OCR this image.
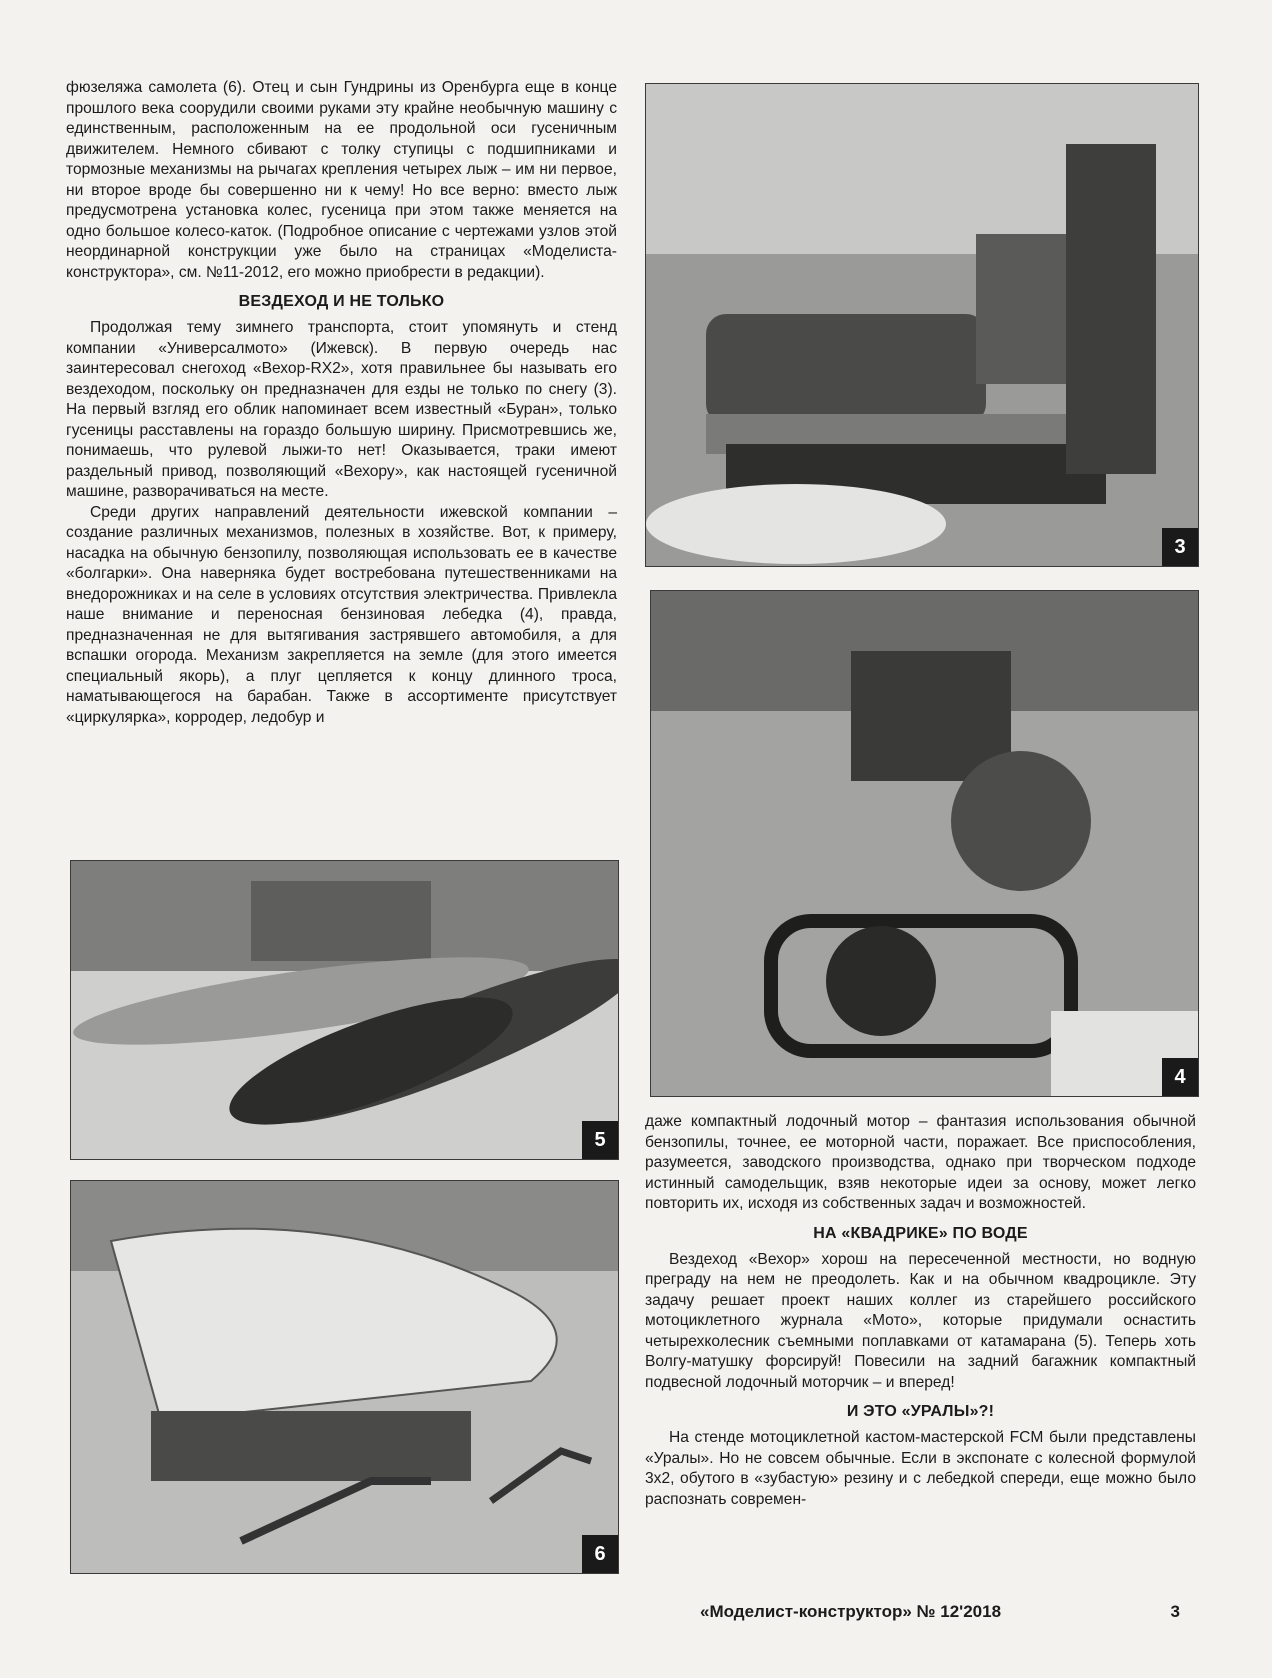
фюзеляжа самолета (6). Отец и сын Гундрины из Оренбурга еще в конце прошлого века соорудили своими руками эту крайне необычную машину с единственным, расположенным на ее продольной оси гусеничным движителем. Немного сбивают с толку ступицы с подшипниками и тормозные механизмы на рычагах крепления четырех лыж – им ни первое, ни второе вроде бы совершенно ни к чему! Но все верно: вместо лыж предусмотрена установка колес, гусеница при этом также меняется на одно большое колесо-каток. (Подробное описание с чертежами узлов этой неординарной конструкции уже было на страницах «Моделиста-конструктора», см. №11-2012, его можно приобрести в редакции).

ВЕЗДЕХОД И НЕ ТОЛЬКО

Продолжая тему зимнего транспорта, стоит упомянуть и стенд компании «Универсалмото» (Ижевск). В первую очередь нас заинтересовал снегоход «Вехор-RX2», хотя правильнее бы называть его вездеходом, поскольку он предназначен для езды не только по снегу (3). На первый взгляд его облик напоминает всем известный «Буран», только гусеницы расставлены на гораздо большую ширину. Присмотревшись же, понимаешь, что рулевой лыжи-то нет! Оказывается, траки имеют раздельный привод, позволяющий «Вехору», как настоящей гусеничной машине, разворачиваться на месте.

Среди других направлений деятельности ижевской компании – создание различных механизмов, полезных в хозяйстве. Вот, к примеру, насадка на обычную бензопилу, позволяющая использовать ее в качестве «болгарки». Она наверняка будет востребована путешественниками на внедорожниках и на селе в условиях отсутствия электричества. Привлекла наше внимание и переносная бензиновая лебедка (4), правда, предназначенная не для вытягивания застрявшего автомобиля, а для вспашки огорода. Механизм закрепляется на земле (для этого имеется специальный якорь), а плуг цепляется к концу длинного троса, наматывающегося на барабан. Также в ассортименте присутствует «циркулярка», корродер, ледобур и

3
4
5
6

даже компактный лодочный мотор – фантазия использования обычной бензопилы, точнее, ее моторной части, поражает. Все приспособления, разумеется, заводского производства, однако при творческом подходе истинный самодельщик, взяв некоторые идеи за основу, может легко повторить их, исходя из собственных задач и возможностей.

НА «КВАДРИКЕ» ПО ВОДЕ

Вездеход «Вехор» хорош на пересеченной местности, но водную преграду на нем не преодолеть. Как и на обычном квадроцикле. Эту задачу решает проект наших коллег из старейшего российского мотоциклетного журнала «Мото», которые придумали оснастить четырехколесник съемными поплавками от катамарана (5). Теперь хоть Волгу-матушку форсируй! Повесили на задний багажник компактный подвесной лодочный моторчик – и вперед!

И ЭТО «УРАЛЫ»?!

На стенде мотоциклетной кастом-мастерской FCM были представлены «Уралы». Но не совсем обычные. Если в экспонате с колесной формулой 3x2, обутого в «зубастую» резину и с лебедкой спереди, еще можно было распознать современ-

«Моделист-конструктор» № 12'2018	3
